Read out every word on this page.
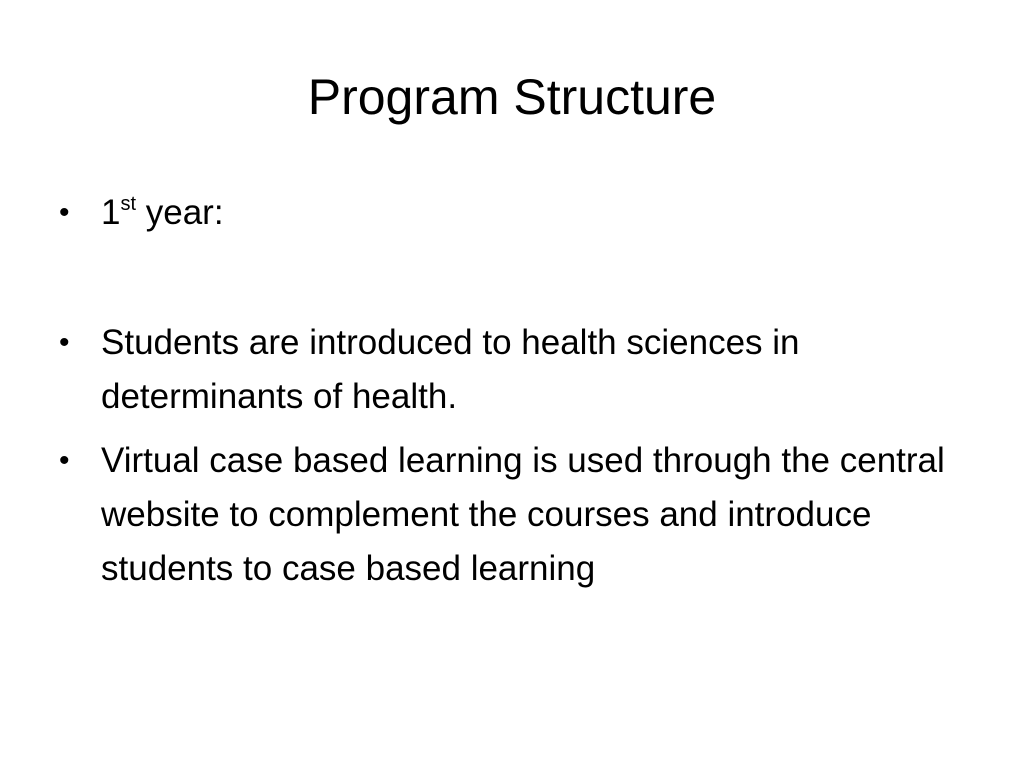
Program Structure
• 1st year:
• Students are introduced to health sciences in determinants of health.
• Virtual case based learning is used through the central website to complement the courses and introduce students to case based learning
